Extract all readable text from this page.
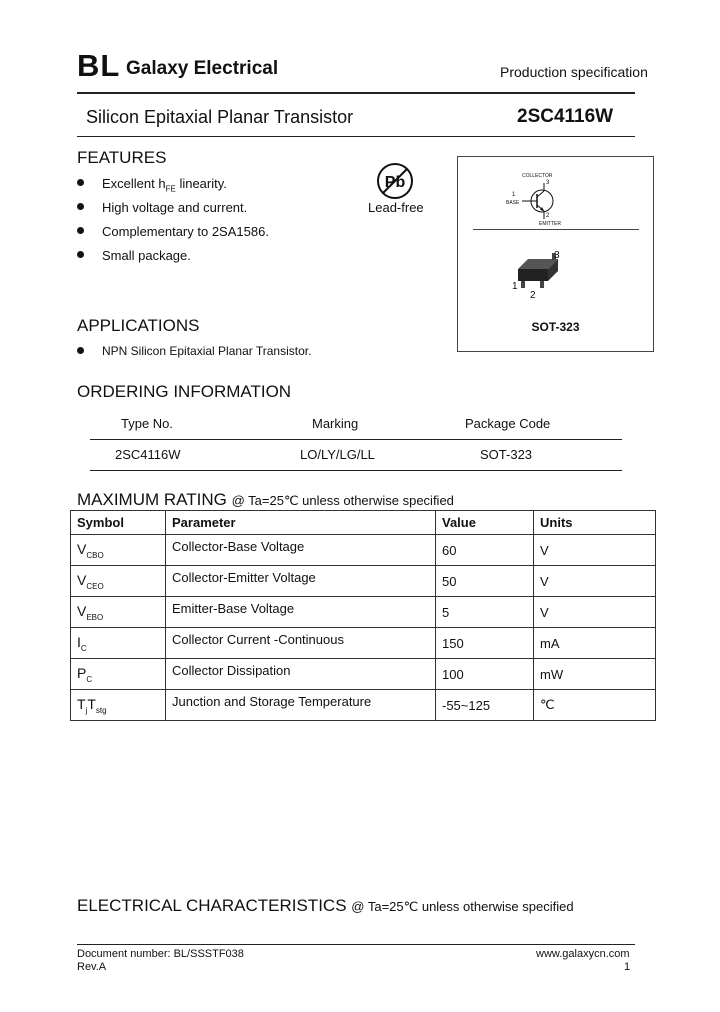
BL Galaxy Electrical	Production specification
Silicon Epitaxial Planar Transistor	2SC4116W
FEATURES
Excellent $h_{FE}$ linearity.
High voltage and current.
Complementary to 2SA1586.
Small package.
Pb
Lead-free
COLLECTOR
3
1
BASE
2
EMITTER
3
1
2
SOT-323
APPLICATIONS
NPN Silicon Epitaxial Planar Transistor.
ORDERING INFORMATION
Type No.	Marking	Package Code
2SC4116W	LO/LY/LG/LL	SOT-323
MAXIMUM RATING @ Ta=25℃ unless otherwise specified
Symbol	Parameter	Value	Units
$V_{CBO}$	Collector-Base Voltage	60	V
$V_{CEO}$	Collector-Emitter Voltage	50	V
$V_{EBO}$	Emitter-Base Voltage	5	V
$I_C$	Collector Current -Continuous	150	mA
$P_C$	Collector Dissipation	100	mW
$T_jT_{stg}$	Junction and Storage Temperature	-55~125	℃
ELECTRICAL CHARACTERISTICS @ Ta=25℃ unless otherwise specified
Document number: BL/SSSTF038
Rev.A
www.galaxycn.com
1
